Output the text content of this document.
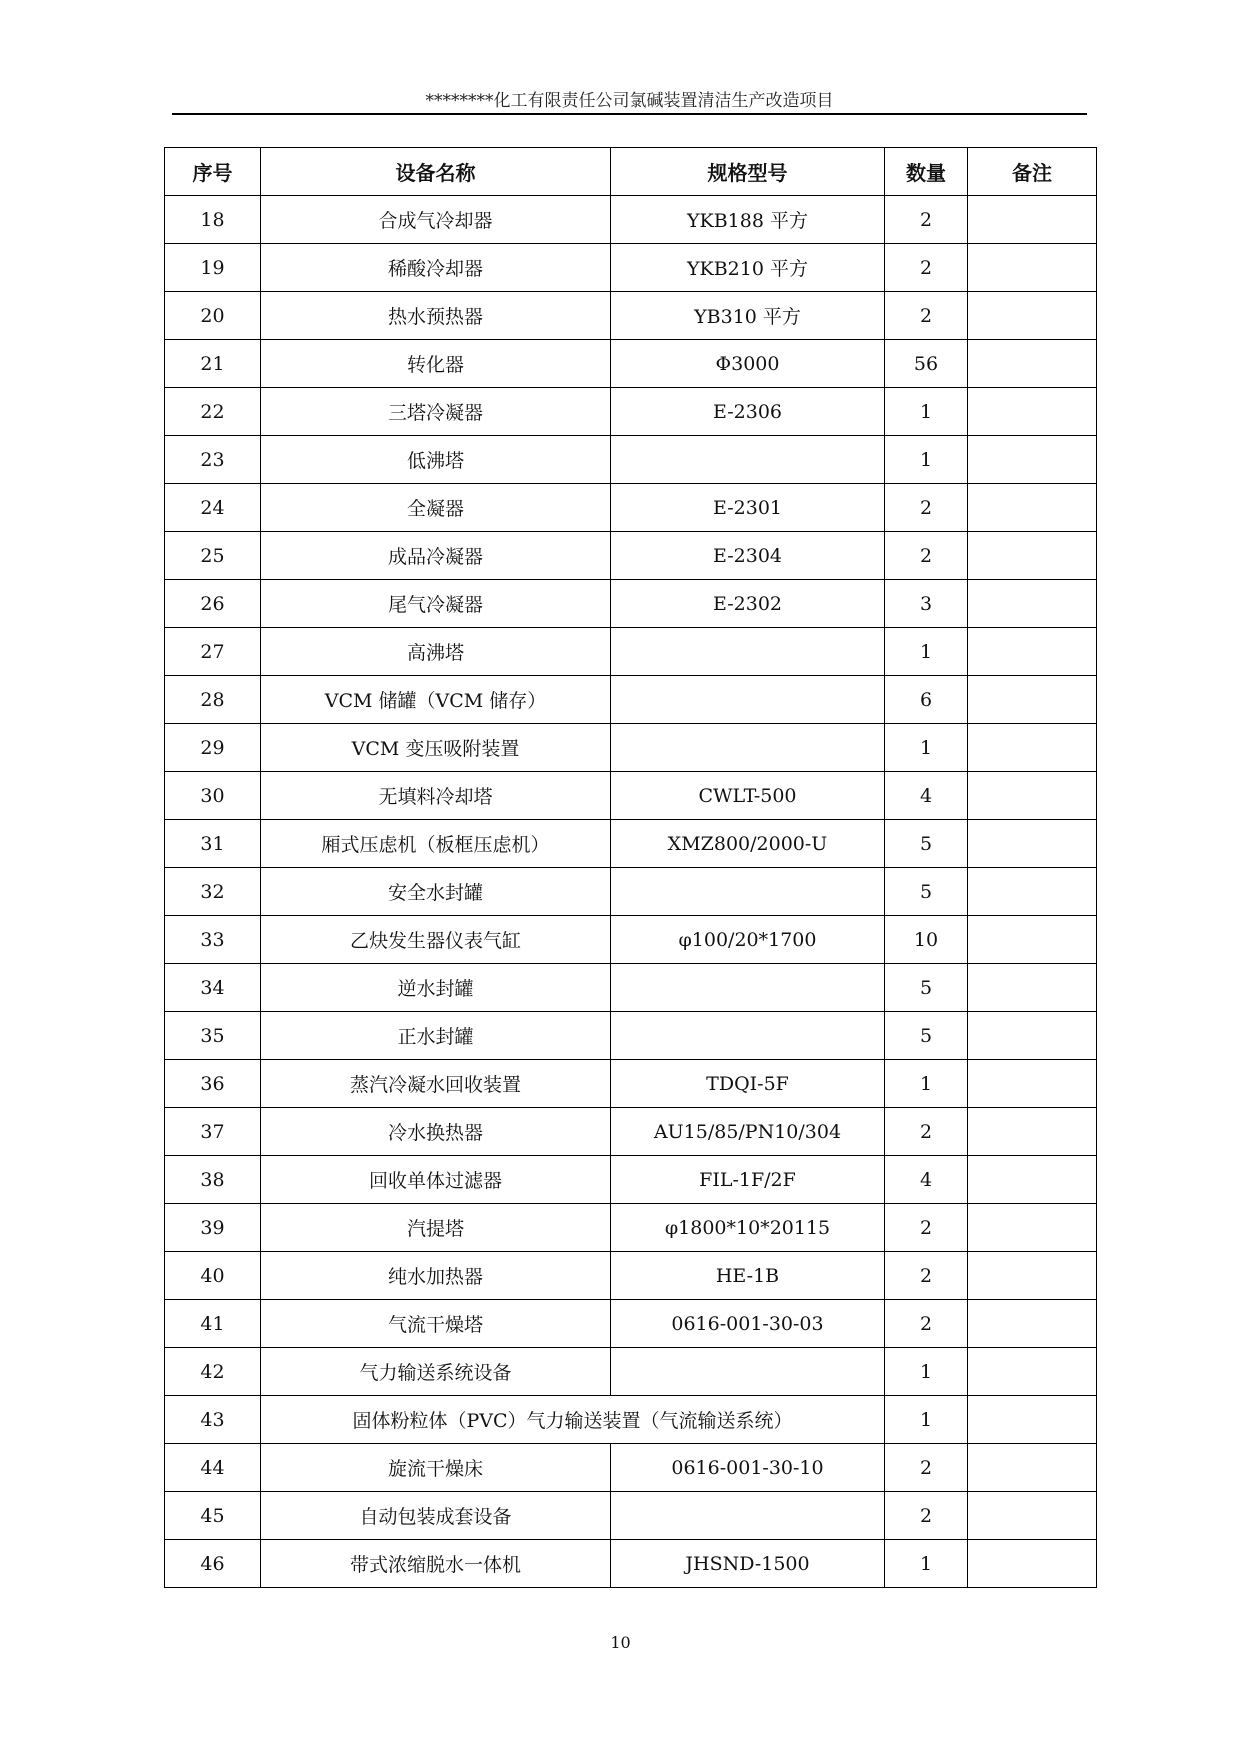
********化工有限责任公司氯碱装置清洁生产改造项目
序号	设备名称	规格型号	数量	备注
18	合成气冷却器	YKB188 平方	2	
19	稀酸冷却器	YKB210 平方	2	
20	热水预热器	YB310 平方	2	
21	转化器	Φ3000	56	
22	三塔冷凝器	E-2306	1	
23	低沸塔		1	
24	全凝器	E-2301	2	
25	成品冷凝器	E-2304	2	
26	尾气冷凝器	E-2302	3	
27	高沸塔		1	
28	VCM 储罐（VCM 储存）		6	
29	VCM 变压吸附装置		1	
30	无填料冷却塔	CWLT-500	4	
31	厢式压虑机（板框压虑机）	XMZ800/2000-U	5	
32	安全水封罐		5	
33	乙炔发生器仪表气缸	φ100/20*1700	10	
34	逆水封罐		5	
35	正水封罐		5	
36	蒸汽冷凝水回收装置	TDQI-5F	1	
37	冷水换热器	AU15/85/PN10/304	2	
38	回收单体过滤器	FIL-1F/2F	4	
39	汽提塔	φ1800*10*20115	2	
40	纯水加热器	HE-1B	2	
41	气流干燥塔	0616-001-30-03	2	
42	气力输送系统设备		1	
43	固体粉粒体（PVC）气力输送装置（气流输送系统）		1	
44	旋流干燥床	0616-001-30-10	2	
45	自动包装成套设备		2	
46	带式浓缩脱水一体机	JHSND-1500	1	
10
